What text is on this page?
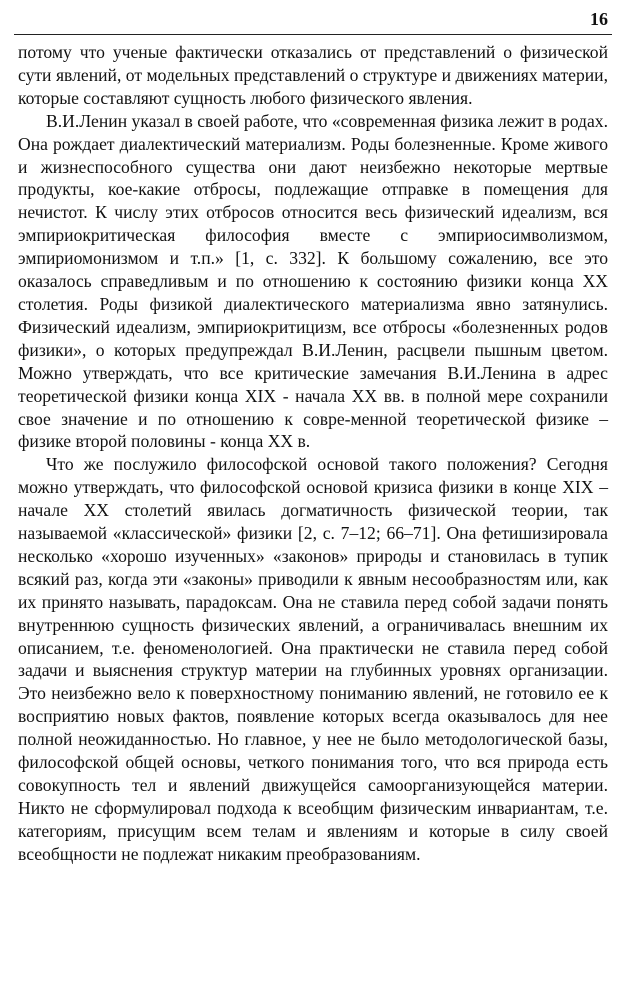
16

потому что ученые фактически отказались от представлений о физической сути явлений, от модельных представлений о структуре и движениях материи, которые составляют сущность любого физического явления.

В.И.Ленин указал в своей работе, что «современная физика лежит в родах. Она рождает диалектический материализм. Роды болезненные. Кроме живого и жизнеспособного существа они дают неизбежно некоторые мертвые продукты, кое-какие отбросы, подлежащие отправке в помещения для нечистот. К числу этих отбросов относится весь физический идеализм, вся эмпириокритическая философия вместе с эмпириосимволизмом, эмпириомонизмом и т.п.» [1, с. 332]. К большому сожалению, все это оказалось справедливым и по отношению к состоянию физики конца XX столетия. Роды физикой диалектического материализма явно затянулись. Физический идеализм, эмпириокритицизм, все отбросы «болезненных родов физики», о которых предупреждал В.И.Ленин, расцвели пышным цветом. Можно утверждать, что все критические замечания В.И.Ленина в адрес теоретической физики конца XIX - начала XX вв. в полной мере сохранили свое значение и по отношению к совре-менной теоретической физике – физике второй половины - конца XX в.

Что же послужило философской основой такого положения? Сегодня можно утверждать, что философской основой кризиса физики в конце XIX – начале XX столетий явилась догматичность физической теории, так называемой «классической» физики [2, с. 7–12; 66–71]. Она фетишизировала несколько «хорошо изученных» «законов» природы и становилась в тупик всякий раз, когда эти «законы» приводили к явным несообразностям или, как их принято называть, парадоксам. Она не ставила перед собой задачи понять внутреннюю сущность физических явлений, а ограничивалась внешним их описанием, т.е. феноменологией. Она практически не ставила перед собой задачи и выяснения структур материи на глубинных уровнях организации. Это неизбежно вело к поверхностному пониманию явлений, не готовило ее к восприятию новых фактов, появление которых всегда оказывалось для нее полной неожиданностью. Но главное, у нее не было методологической базы, философской общей основы, четкого понимания того, что вся природа есть совокупность тел и явлений движущейся самоорганизующейся материи. Никто не сформулировал подхода к всеобщим физическим инвариантам, т.е. категориям, присущим всем телам и явлениям и которые в силу своей всеобщности не подлежат никаким преобразованиям.
